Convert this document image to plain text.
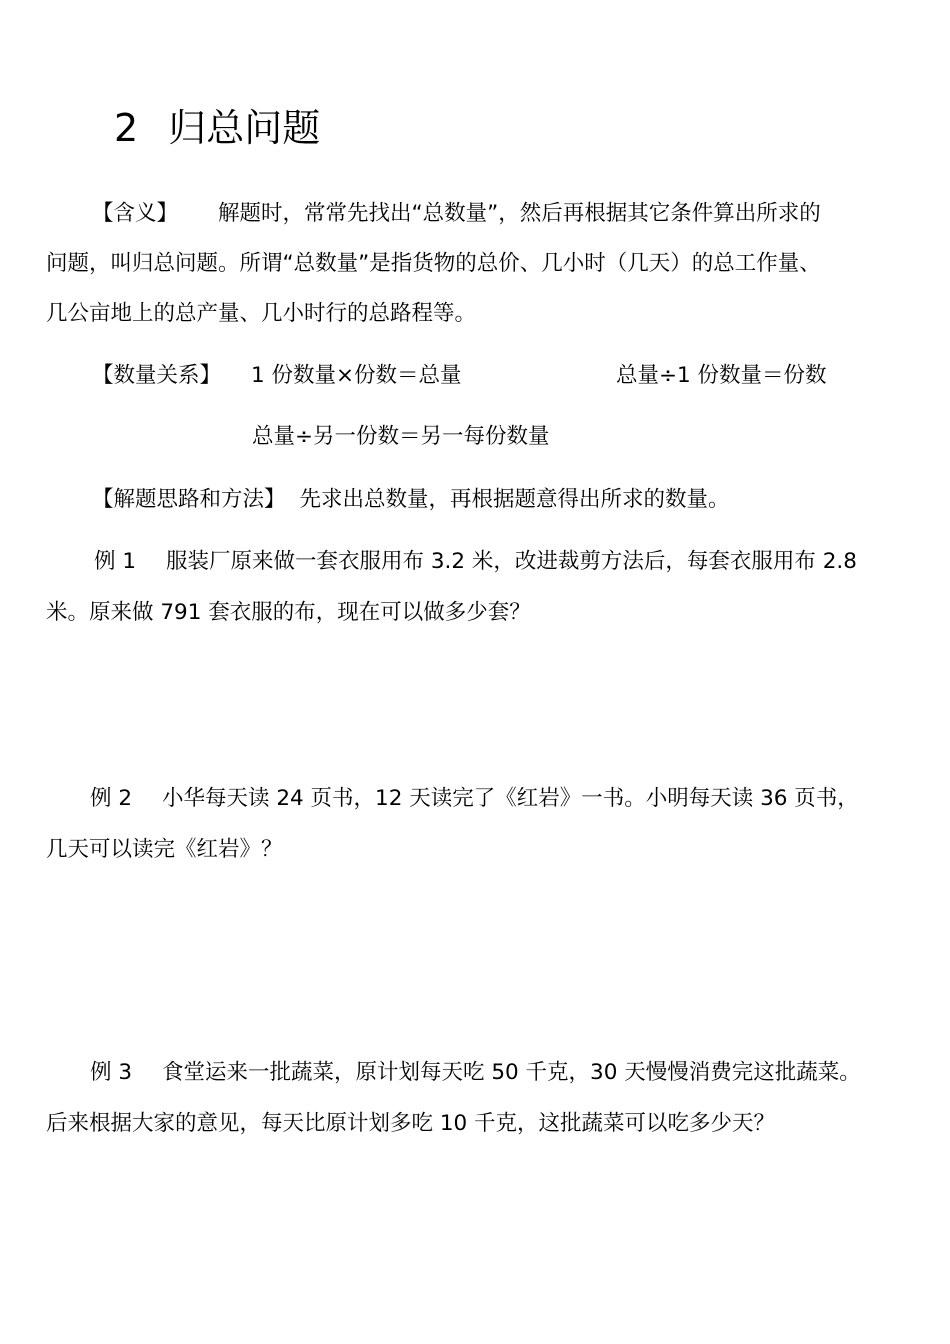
2 归总问题
【含义】 解题时，常常先找出“总数量”，然后再根据其它条件算出所求的
问题，叫归总问题。所谓“总数量”是指货物的总价、几小时（几天）的总工作量、
几公亩地上的总产量、几小时行的总路程等。
【数量关系】 1 份数量×份数＝总量	总量÷1 份数量＝份数
总量÷另一份数＝另一每份数量
【解题思路和方法】 先求出总数量，再根据题意得出所求的数量。
例 1 服装厂原来做一套衣服用布 3.2 米，改进裁剪方法后，每套衣服用布 2.8
米。原来做 791 套衣服的布，现在可以做多少套？
例 2 小华每天读 24 页书，12 天读完了《红岩》一书。小明每天读 36 页书，
几天可以读完《红岩》？
例 3 食堂运来一批蔬菜，原计划每天吃 50 千克，30 天慢慢消费完这批蔬菜。
后来根据大家的意见，每天比原计划多吃 10 千克，这批蔬菜可以吃多少天？
